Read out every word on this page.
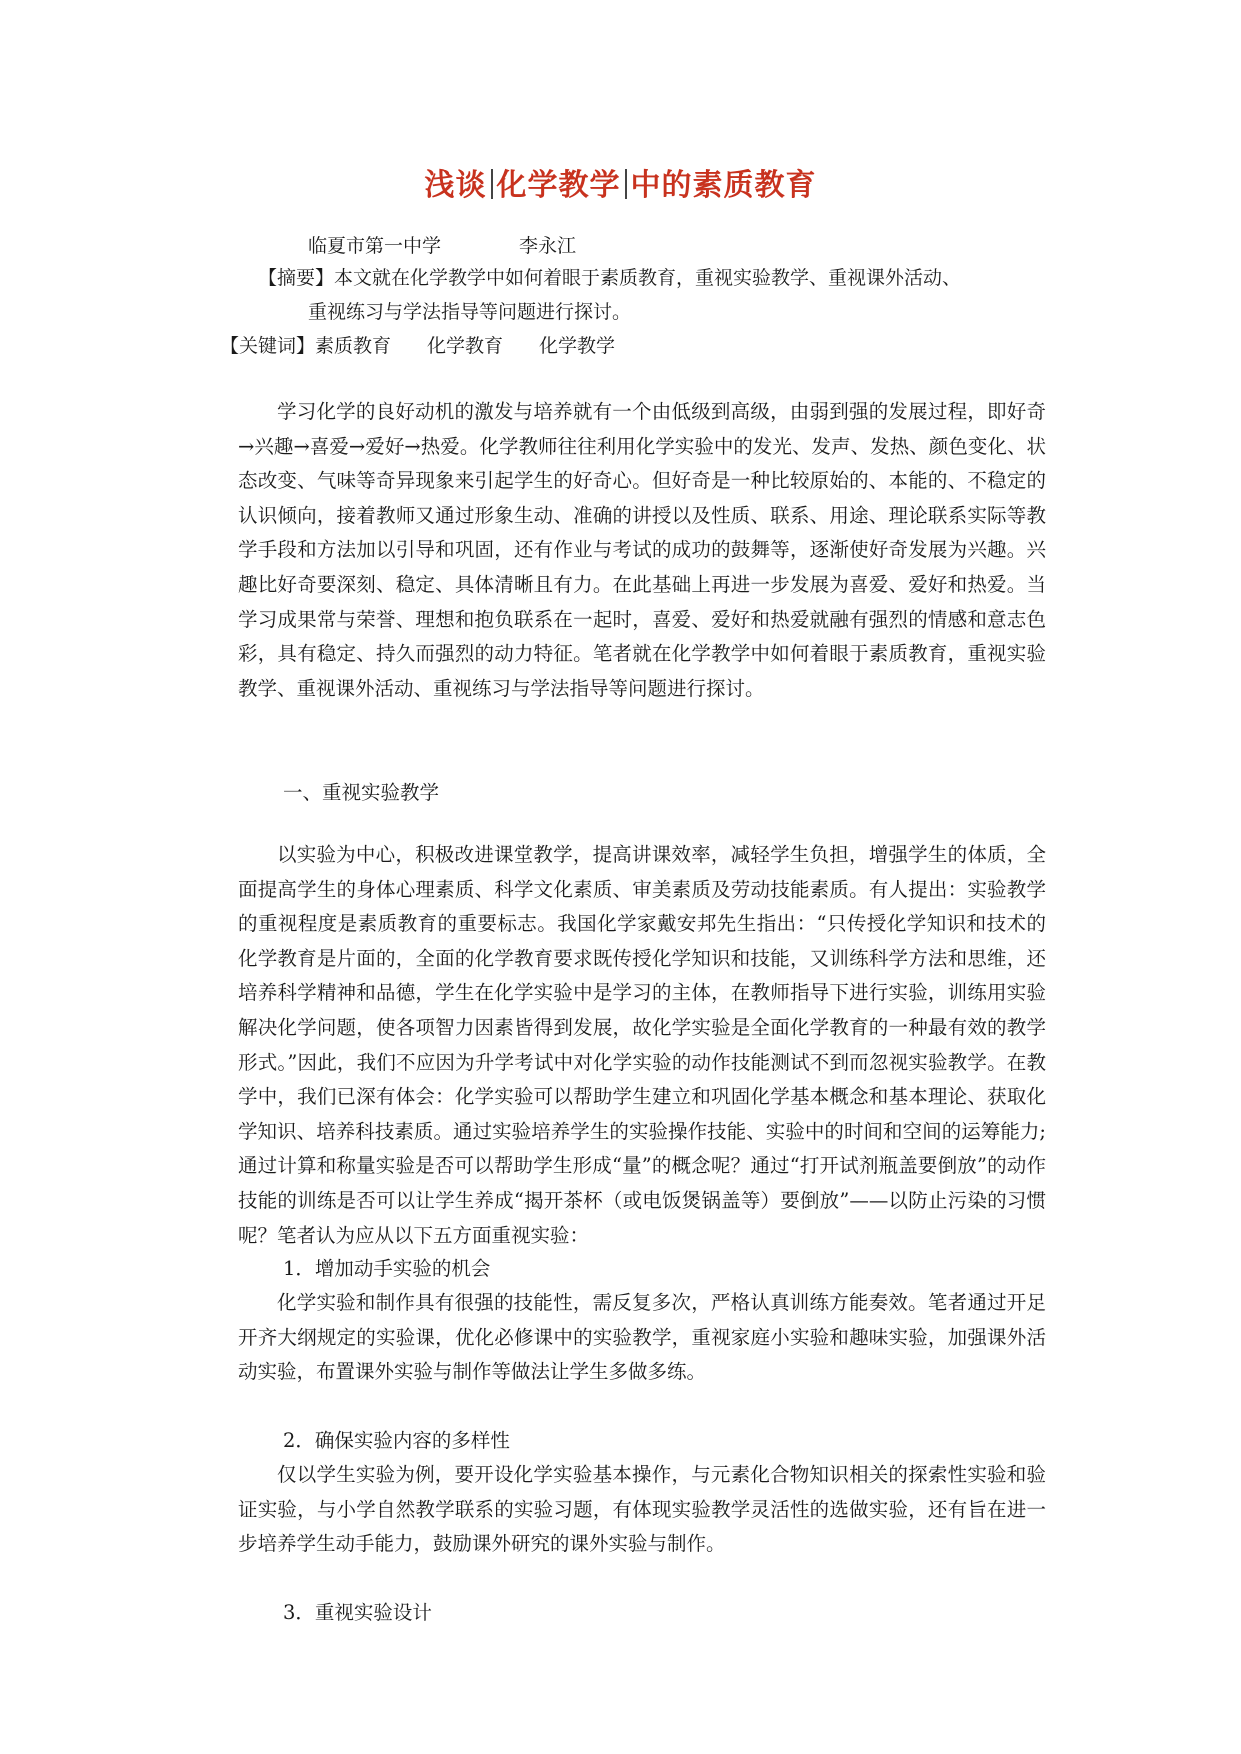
浅谈 化学教学 中的素质教育
临夏市第一中学	李永江
【摘要】本文就在化学教学中如何着眼于素质教育，重视实验教学、重视课外活动、
重视练习与学法指导等问题进行探讨。
【关键词】素质教育 化学教育 化学教学

学习化学的良好动机的激发与培养就有一个由低级到高级，由弱到强的发展过程，即好奇→兴趣→喜爱→爱好→热爱。化学教师往往利用化学实验中的发光、发声、发热、颜色变化、状态改变、气味等奇异现象来引起学生的好奇心。但好奇是一种比较原始的、本能的、不稳定的认识倾向，接着教师又通过形象生动、准确的讲授以及性质、联系、用途、理论联系实际等教学手段和方法加以引导和巩固，还有作业与考试的成功的鼓舞等，逐渐使好奇发展为兴趣。兴趣比好奇要深刻、稳定、具体清晰且有力。在此基础上再进一步发展为喜爱、爱好和热爱。当学习成果常与荣誉、理想和抱负联系在一起时，喜爱、爱好和热爱就融有强烈的情感和意志色彩，具有稳定、持久而强烈的动力特征。笔者就在化学教学中如何着眼于素质教育，重视实验教学、重视课外活动、重视练习与学法指导等问题进行探讨。

一、重视实验教学

以实验为中心，积极改进课堂教学，提高讲课效率，减轻学生负担，增强学生的体质，全面提高学生的身体心理素质、科学文化素质、审美素质及劳动技能素质。有人提出：实验教学的重视程度是素质教育的重要标志。我国化学家戴安邦先生指出：“只传授化学知识和技术的化学教育是片面的，全面的化学教育要求既传授化学知识和技能，又训练科学方法和思维，还培养科学精神和品德，学生在化学实验中是学习的主体，在教师指导下进行实验，训练用实验解决化学问题，使各项智力因素皆得到发展，故化学实验是全面化学教育的一种最有效的教学形式。”因此，我们不应因为升学考试中对化学实验的动作技能测试不到而忽视实验教学。在教学中，我们已深有体会：化学实验可以帮助学生建立和巩固化学基本概念和基本理论、获取化学知识、培养科技素质。通过实验培养学生的实验操作技能、实验中的时间和空间的运筹能力;通过计算和称量实验是否可以帮助学生形成“量”的概念呢？通过“打开试剂瓶盖要倒放”的动作技能的训练是否可以让学生养成“揭开茶杯（或电饭煲锅盖等）要倒放”——以防止污染的习惯呢？笔者认为应从以下五方面重视实验：

1．增加动手实验的机会

化学实验和制作具有很强的技能性，需反复多次，严格认真训练方能奏效。笔者通过开足开齐大纲规定的实验课，优化必修课中的实验教学，重视家庭小实验和趣味实验，加强课外活动实验，布置课外实验与制作等做法让学生多做多练。

2．确保实验内容的多样性

仅以学生实验为例，要开设化学实验基本操作，与元素化合物知识相关的探索性实验和验证实验，与小学自然教学联系的实验习题，有体现实验教学灵活性的选做实验，还有旨在进一步培养学生动手能力，鼓励课外研究的课外实验与制作。

3．重视实验设计
